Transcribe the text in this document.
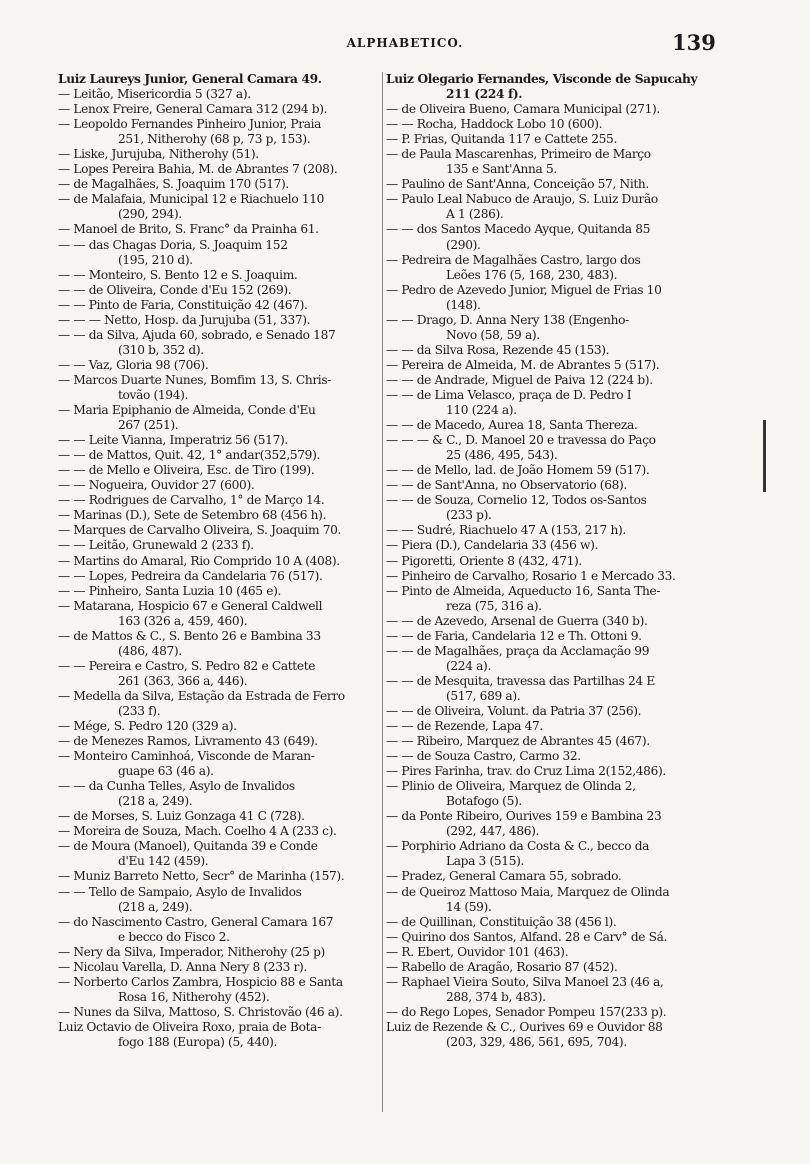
ALPHABETICO.	139
Luiz Laureys Junior, General Camara 49.
— Leitão, Misericordia 5 (327 a).
— Lenox Freire, General Camara 312 (294 b).
— Leopoldo Fernandes Pinheiro Junior, Praia
251, Nitherohy (68 p, 73 p, 153).
— Liske, Jurujuba, Nitherohy (51).
— Lopes Pereira Bahia, M. de Abrantes 7 (208).
— de Magalhães, S. Joaquim 170 (517).
— de Malafaia, Municipal 12 e Riachuelo 110
(290, 294).
— Manoel de Brito, S. Franc° da Prainha 61.
— — das Chagas Doria, S. Joaquim 152
(195, 210 d).
— — Monteiro, S. Bento 12 e S. Joaquim.
— — de Oliveira, Conde d'Eu 152 (269).
— — Pinto de Faria, Constituição 42 (467).
— — — Netto, Hosp. da Jurujuba (51, 337).
— — da Silva, Ajuda 60, sobrado, e Senado 187
(310 b, 352 d).
— — Vaz, Gloria 98 (706).
— Marcos Duarte Nunes, Bomfim 13, S. Chris-
tovão (194).
— Maria Epiphanio de Almeida, Conde d'Eu
267 (251).
— — Leite Vianna, Imperatriz 56 (517).
— — de Mattos, Quit. 42, 1° andar(352,579).
— — de Mello e Oliveira, Esc. de Tiro (199).
— — Nogueira, Ouvidor 27 (600).
— — Rodrigues de Carvalho, 1° de Março 14.
— Marinas (D.), Sete de Setembro 68 (456 h).
— Marques de Carvalho Oliveira, S. Joaquim 70.
— — Leitão, Grunewald 2 (233 f).
— Martins do Amaral, Rio Comprido 10 A (408).
— — Lopes, Pedreira da Candelaria 76 (517).
— — Pinheiro, Santa Luzia 10 (465 e).
— Matarana, Hospicio 67 e General Caldwell
163 (326 a, 459, 460).
— de Mattos & C., S. Bento 26 e Bambina 33
(486, 487).
— — Pereira e Castro, S. Pedro 82 e Cattete
261 (363, 366 a, 446).
— Medella da Silva, Estação da Estrada de Ferro
(233 f).
— Mége, S. Pedro 120 (329 a).
— de Menezes Ramos, Livramento 43 (649).
— Monteiro Caminhoá, Visconde de Maran-
guape 63 (46 a).
— — da Cunha Telles, Asylo de Invalidos
(218 a, 249).
— de Morses, S. Luiz Gonzaga 41 C (728).
— Moreira de Souza, Mach. Coelho 4 A (233 c).
— de Moura (Manoel), Quitanda 39 e Conde
d'Eu 142 (459).
— Muniz Barreto Netto, Secr° de Marinha (157).
— — Tello de Sampaio, Asylo de Invalidos
(218 a, 249).
— do Nascimento Castro, General Camara 167
e becco do Fisco 2.
— Nery da Silva, Imperador, Nitherohy (25 p)
— Nicolau Varella, D. Anna Nery 8 (233 r).
— Norberto Carlos Zambra, Hospicio 88 e Santa
Rosa 16, Nitherohy (452).
— Nunes da Silva, Mattoso, S. Christovão (46 a).
Luiz Octavio de Oliveira Roxo, praia de Bota-
fogo 188 (Europa) (5, 440).
Luiz Olegario Fernandes, Visconde de Sapucahy
211 (224 f).
— de Oliveira Bueno, Camara Municipal (271).
— — Rocha, Haddock Lobo 10 (600).
— P. Frias, Quitanda 117 e Cattete 255.
— de Paula Mascarenhas, Primeiro de Março
135 e Sant'Anna 5.
— Paulino de Sant'Anna, Conceição 57, Nith.
— Paulo Leal Nabuco de Araujo, S. Luiz Durão
A 1 (286).
— — dos Santos Macedo Ayque, Quitanda 85
(290).
— Pedreira de Magalhães Castro, largo dos
Leões 176 (5, 168, 230, 483).
— Pedro de Azevedo Junior, Miguel de Frias 10
(148).
— — Drago, D. Anna Nery 138 (Engenho-
Novo (58, 59 a).
— — da Silva Rosa, Rezende 45 (153).
— Pereira de Almeida, M. de Abrantes 5 (517).
— — de Andrade, Miguel de Paiva 12 (224 b).
— — de Lima Velasco, praça de D. Pedro I
110 (224 a).
— — de Macedo, Aurea 18, Santa Thereza.
— — — & C., D. Manoel 20 e travessa do Paço
25 (486, 495, 543).
— — de Mello, lad. de João Homem 59 (517).
— — de Sant'Anna, no Observatorio (68).
— — de Souza, Cornelio 12, Todos os-Santos
(233 p).
— — Sudré, Riachuelo 47 A (153, 217 h).
— Piera (D.), Candelaria 33 (456 w).
— Pigoretti, Oriente 8 (432, 471).
— Pinheiro de Carvalho, Rosario 1 e Mercado 33.
— Pinto de Almeida, Aqueducto 16, Santa The-
reza (75, 316 a).
— — de Azevedo, Arsenal de Guerra (340 b).
— — de Faria, Candelaria 12 e Th. Ottoni 9.
— — de Magalhães, praça da Acclamação 99
(224 a).
— — de Mesquita, travessa das Partilhas 24 E
(517, 689 a).
— — de Oliveira, Volunt. da Patria 37 (256).
— — de Rezende, Lapa 47.
— — Ribeiro, Marquez de Abrantes 45 (467).
— — de Souza Castro, Carmo 32.
— Pires Farinha, trav. do Cruz Lima 2(152,486).
— Plinio de Oliveira, Marquez de Olinda 2,
Botafogo (5).
— da Ponte Ribeiro, Ourives 159 e Bambina 23
(292, 447, 486).
— Porphirio Adriano da Costa & C., becco da
Lapa 3 (515).
— Pradez, General Camara 55, sobrado.
— de Queiroz Mattoso Maia, Marquez de Olinda
14 (59).
— de Quillinan, Constituição 38 (456 l).
— Quirino dos Santos, Alfand. 28 e Carv° de Sá.
— R. Ebert, Ouvidor 101 (463).
— Rabello de Aragão, Rosario 87 (452).
— Raphael Vieira Souto, Silva Manoel 23 (46 a,
288, 374 b, 483).
— do Rego Lopes, Senador Pompeu 157(233 p).
Luiz de Rezende & C., Ourives 69 e Ouvidor 88
(203, 329, 486, 561, 695, 704).
